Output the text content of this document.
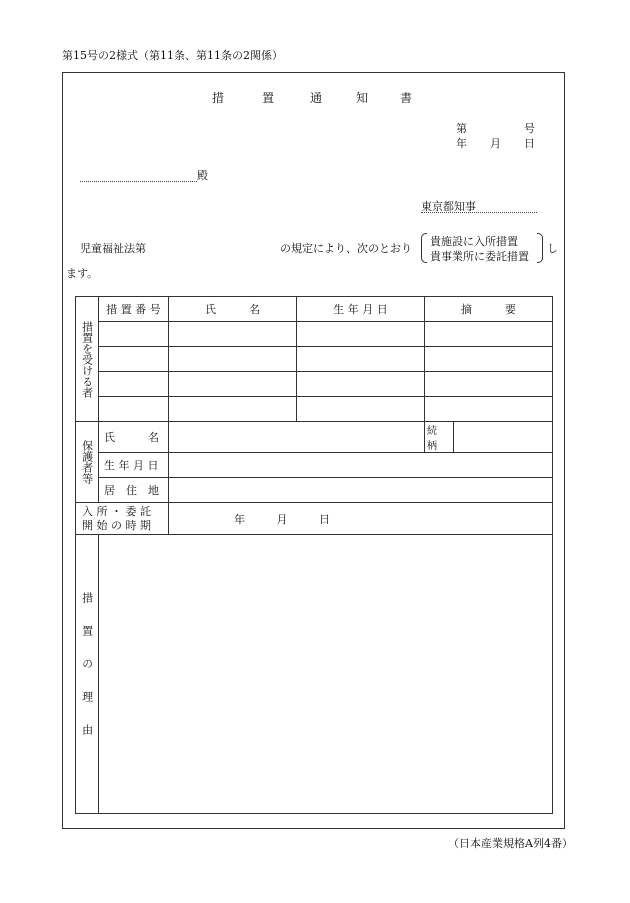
第15号の2様式（第11条、第11条の2関係）
措	置	通	知	書
第	号
年 月 日
殿
東京都知事
児童福祉法第	の規定により、次のとおり
貴施設に入所措置
貴事業所に委託措置
し
ます。
措置を受ける者	措 置 番 号	氏　　　名	生 年 月 日	摘　　　要	

保護者等	氏　　　名			続　柄	
	生 年 月 日				
	居　住　地				

入 所 ・ 委 託
開 始 の 時 期		年 月 日			

措置の理由					

（日本産業規格A列4番）
